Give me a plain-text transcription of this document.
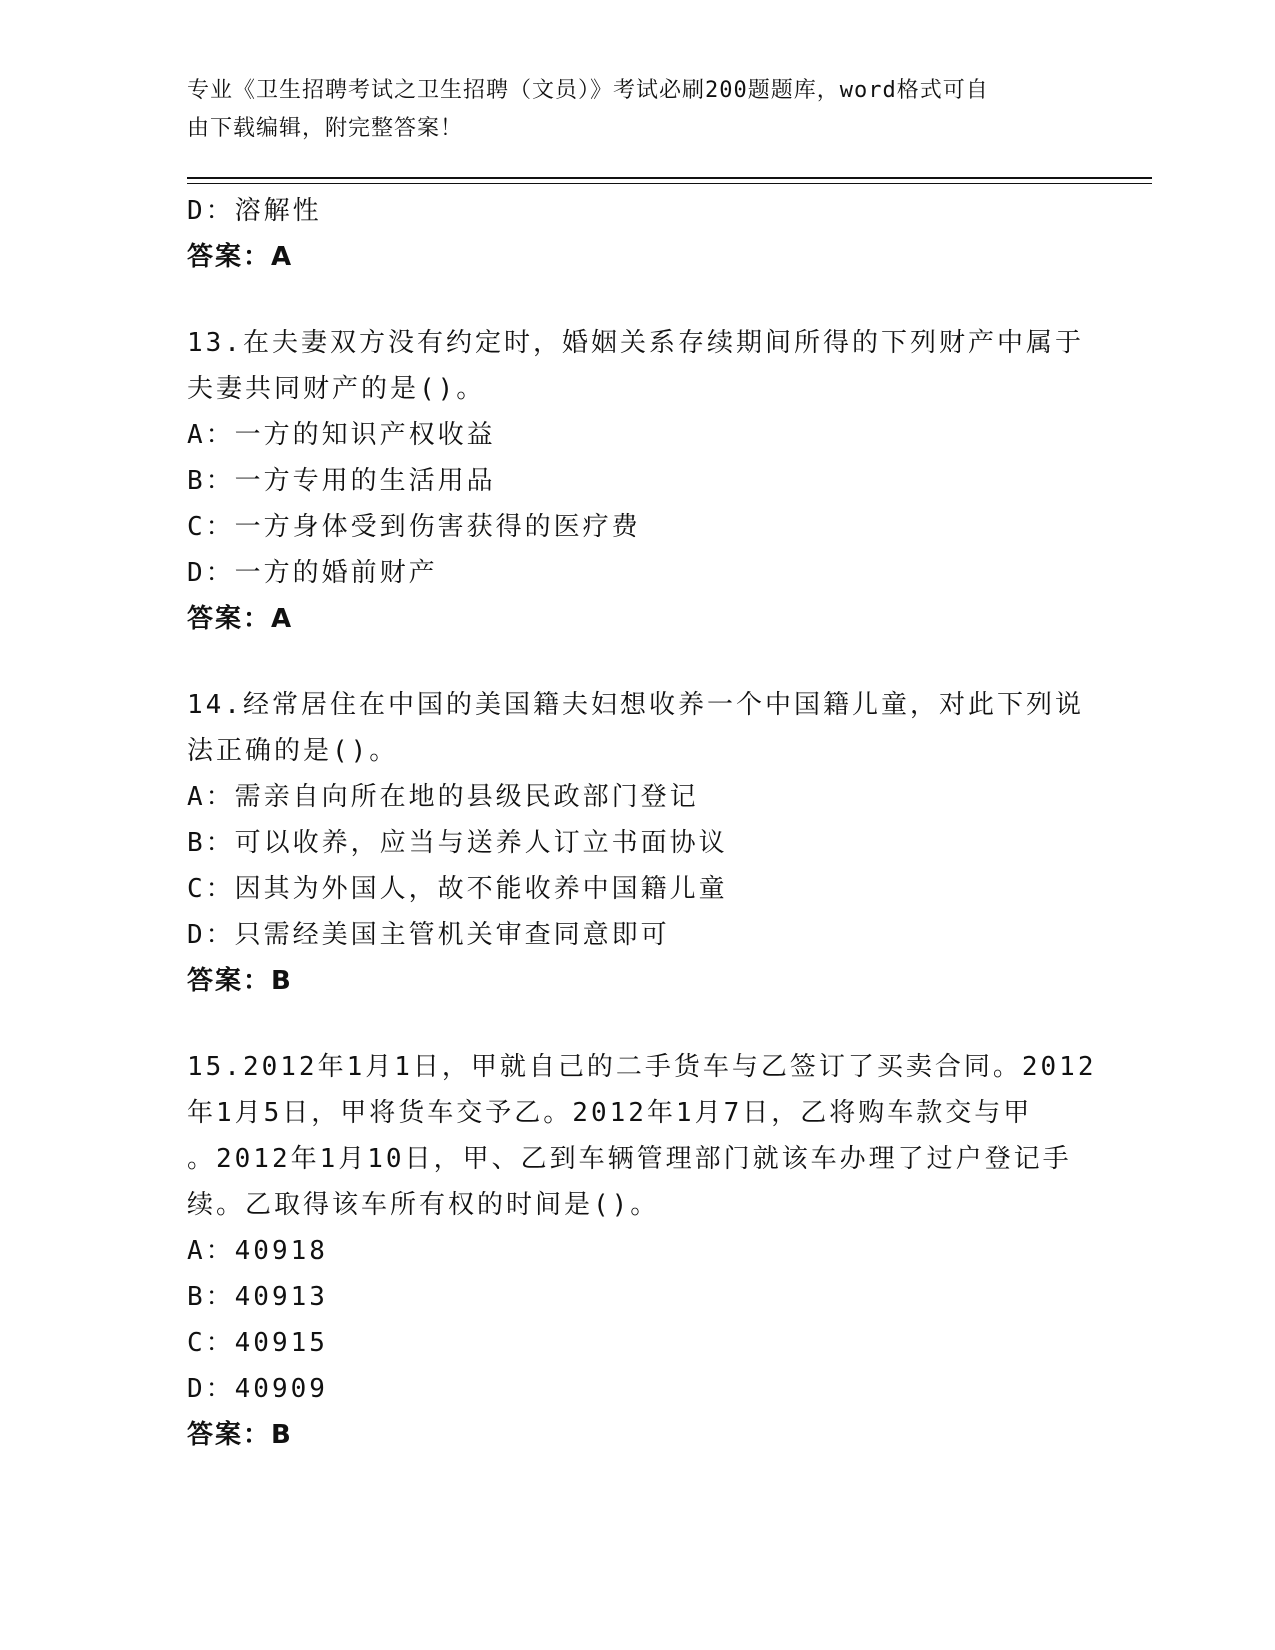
专业《卫生招聘考试之卫生招聘（文员）》考试必刷200题题库，word格式可自
由下载编辑，附完整答案！
D：溶解性
答案：A
13.在夫妻双方没有约定时，婚姻关系存续期间所得的下列财产中属于
夫妻共同财产的是()。
A：一方的知识产权收益
B：一方专用的生活用品
C：一方身体受到伤害获得的医疗费
D：一方的婚前财产
答案：A
14.经常居住在中国的美国籍夫妇想收养一个中国籍儿童，对此下列说
法正确的是()。
A：需亲自向所在地的县级民政部门登记
B：可以收养，应当与送养人订立书面协议
C：因其为外国人，故不能收养中国籍儿童
D：只需经美国主管机关审查同意即可
答案：B
15.2012年1月1日，甲就自己的二手货车与乙签订了买卖合同。2012
年1月5日，甲将货车交予乙。2012年1月7日，乙将购车款交与甲
。2012年1月10日，甲、乙到车辆管理部门就该车办理了过户登记手
续。乙取得该车所有权的时间是()。
A：40918
B：40913
C：40915
D：40909
答案：B
